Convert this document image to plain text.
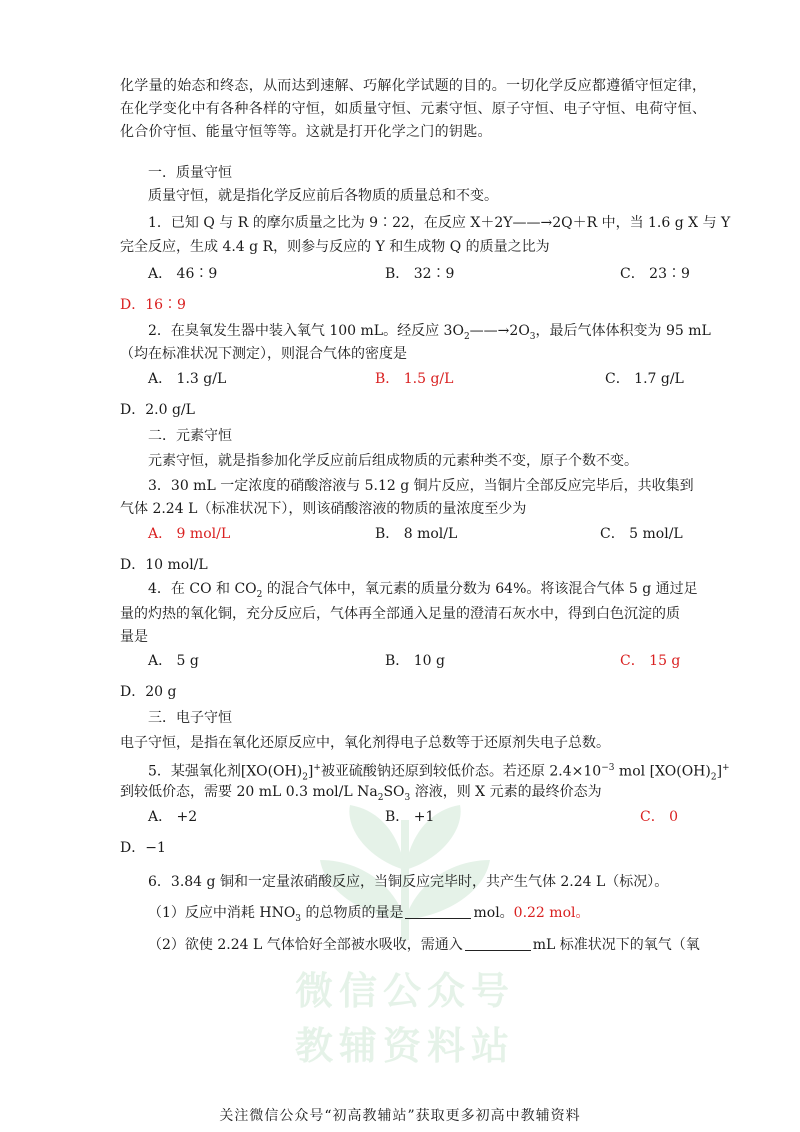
微信公众号
教辅资料站
化学量的始态和终态，从而达到速解、巧解化学试题的目的。一切化学反应都遵循守恒定律，
在化学变化中有各种各样的守恒，如质量守恒、元素守恒、原子守恒、电子守恒、电荷守恒、
化合价守恒、能量守恒等等。这就是打开化学之门的钥匙。
一．质量守恒
质量守恒，就是指化学反应前后各物质的质量总和不变。
1．已知 Q 与 R 的摩尔质量之比为 9∶22，在反应 X＋2Y——→2Q＋R 中，当 1.6 g X 与 Y
完全反应，生成 4.4 g R，则参与反应的 Y 和生成物 Q 的质量之比为
A． 46∶9	B． 32∶9	C． 23∶9
D．16∶9
2．在臭氧发生器中装入氧气 100 mL。经反应 $3O_2——\to 2O_3$，最后气体体积变为 95 mL
（均在标准状况下测定），则混合气体的密度是
A． 1.3 g/L	B． 1.5 g/L	C． 1.7 g/L
D．2.0 g/L
二．元素守恒
元素守恒，就是指参加化学反应前后组成物质的元素种类不变，原子个数不变。
3．30 mL 一定浓度的硝酸溶液与 5.12 g 铜片反应，当铜片全部反应完毕后，共收集到
气体 2.24 L（标准状况下），则该硝酸溶液的物质的量浓度至少为
A． 9 mol/L	B． 8 mol/L	C． 5 mol/L
D．10 mol/L
4．在 CO 和 $CO_2$ 的混合气体中，氧元素的质量分数为 64%。将该混合气体 5 g 通过足
量的灼热的氧化铜，充分反应后，气体再全部通入足量的澄清石灰水中，得到白色沉淀的质
量是
A． 5 g	B． 10 g	C． 15 g
D．20 g
三．电子守恒
电子守恒，是指在氧化还原反应中，氧化剂得电子总数等于还原剂失电子总数。
5．某强氧化剂$[XO(OH)_2]^+$被亚硫酸钠还原到较低价态。若还原 $2.4\times 10^{-3}$ mol $[XO(OH)_2]^+$
到较低价态，需要 20 mL 0.3 mol/L $Na_2SO_3$ 溶液，则 X 元素的最终价态为
A． +2	B． +1	C． 0
D．−1
6．3.84 g 铜和一定量浓硝酸反应，当铜反应完毕时，共产生气体 2.24 L（标况）。
（1）反应中消耗 $HNO_3$ 的总物质的量是	mol。0.22 mol。
（2）欲使 2.24 L 气体恰好全部被水吸收，需通入	mL 标准状况下的氧气（氧
关注微信公众号“初高教辅站”获取更多初高中教辅资料
